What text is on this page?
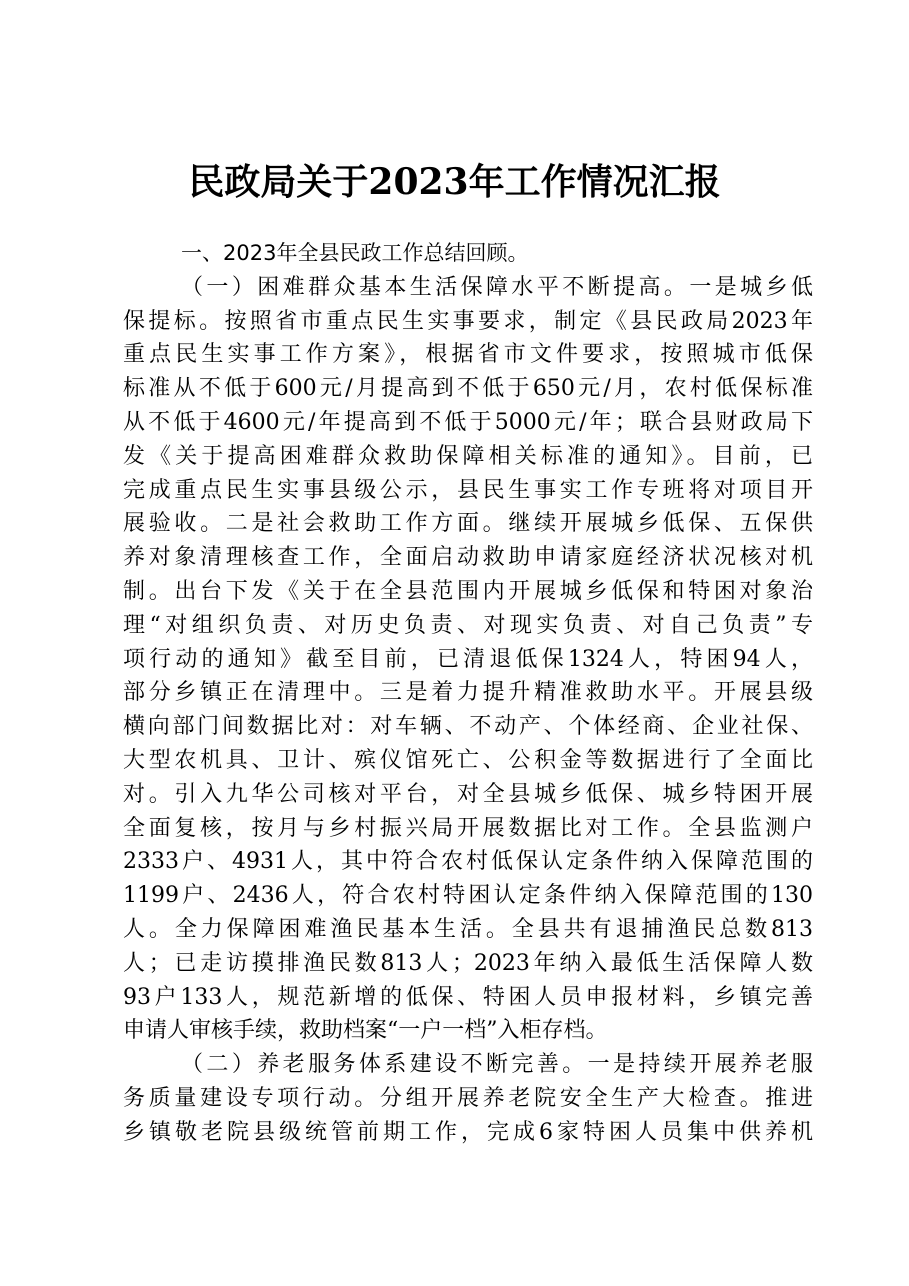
民政局关于2023年工作情况汇报
一、2023年全县民政工作总结回顾。
（一）困难群众基本生活保障水平不断提高。一是城乡低
保提标。按照省市重点民生实事要求，制定《县民政局2023年
重点民生实事工作方案》，根据省市文件要求，按照城市低保
标准从不低于600元/月提高到不低于650元/月，农村低保标准
从不低于4600元/年提高到不低于5000元/年；联合县财政局下
发《关于提高困难群众救助保障相关标准的通知》。目前，已
完成重点民生实事县级公示，县民生事实工作专班将对项目开
展验收。二是社会救助工作方面。继续开展城乡低保、五保供
养对象清理核查工作，全面启动救助申请家庭经济状况核对机
制。出台下发《关于在全县范围内开展城乡低保和特困对象治
理“对组织负责、对历史负责、对现实负责、对自己负责”专
项行动的通知》截至目前，已清退低保1324人，特困94人，
部分乡镇正在清理中。三是着力提升精准救助水平。开展县级
横向部门间数据比对：对车辆、不动产、个体经商、企业社保、
大型农机具、卫计、殡仪馆死亡、公积金等数据进行了全面比
对。引入九华公司核对平台，对全县城乡低保、城乡特困开展
全面复核，按月与乡村振兴局开展数据比对工作。全县监测户
2333户、4931人，其中符合农村低保认定条件纳入保障范围的
1199户、2436人，符合农村特困认定条件纳入保障范围的130
人。全力保障困难渔民基本生活。全县共有退捕渔民总数813
人；已走访摸排渔民数813人；2023年纳入最低生活保障人数
93户133人，规范新增的低保、特困人员申报材料，乡镇完善
申请人审核手续，救助档案“一户一档”入柜存档。
（二）养老服务体系建设不断完善。一是持续开展养老服
务质量建设专项行动。分组开展养老院安全生产大检查。推进
乡镇敬老院县级统管前期工作，完成6家特困人员集中供养机
